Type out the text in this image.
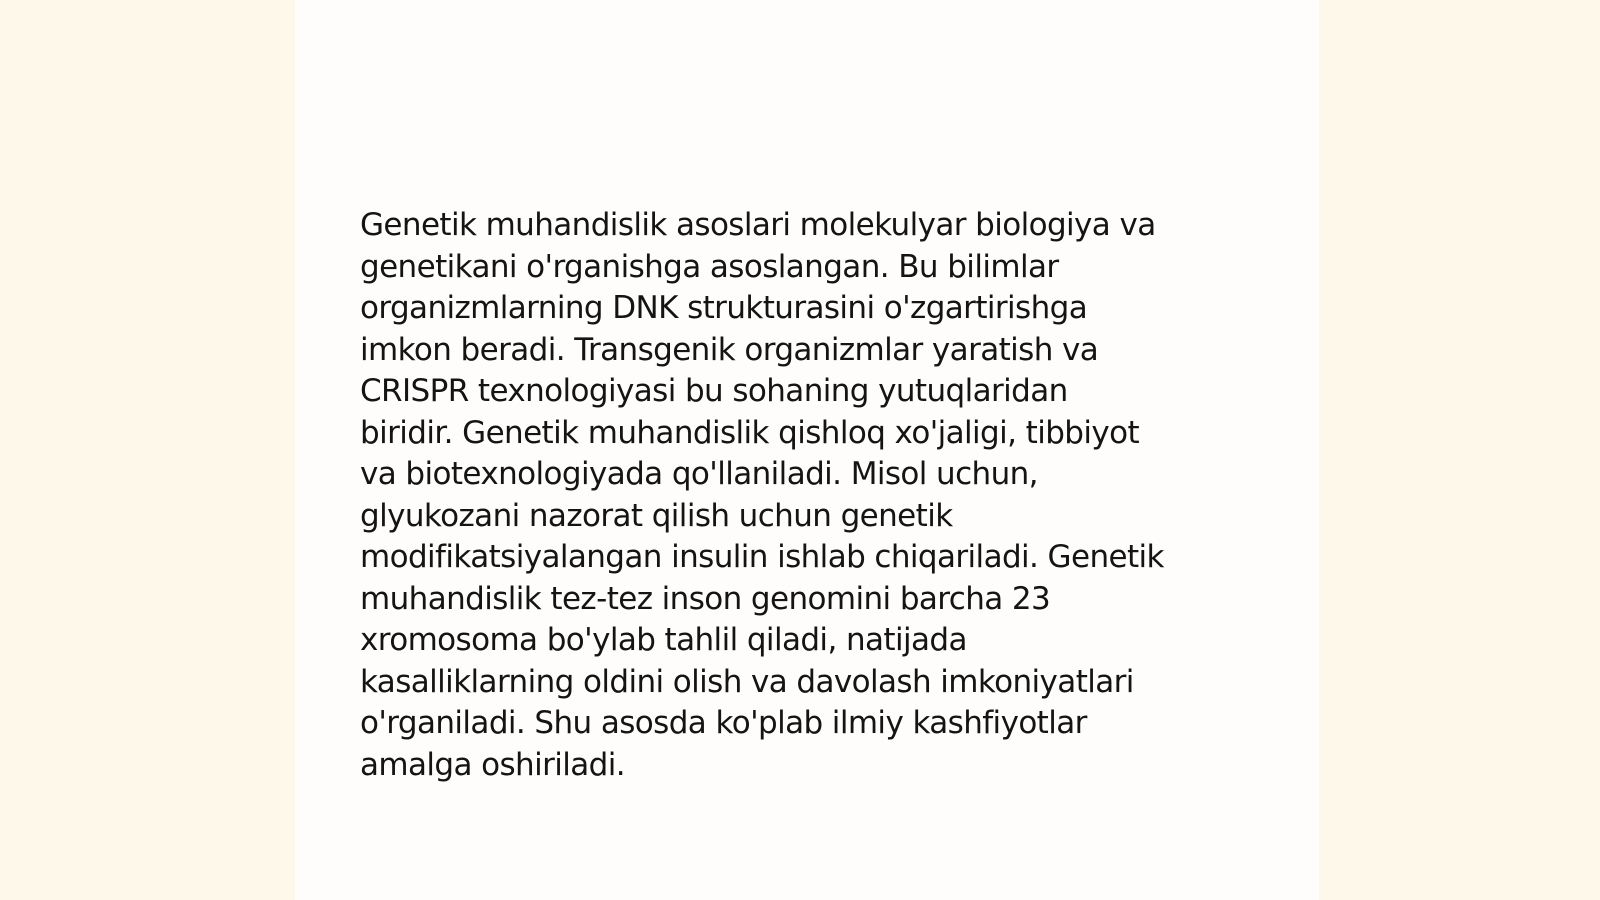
Genetik muhandislik asoslari molekulyar biologiya va
genetikani o'rganishga asoslangan. Bu bilimlar
organizmlarning DNK strukturasini o'zgartirishga
imkon beradi. Transgenik organizmlar yaratish va
CRISPR texnologiyasi bu sohaning yutuqlaridan
biridir. Genetik muhandislik qishloq xo'jaligi, tibbiyot
va biotexnologiyada qo'llaniladi. Misol uchun,
glyukozani nazorat qilish uchun genetik
modifikatsiyalangan insulin ishlab chiqariladi. Genetik
muhandislik tez-tez inson genomini barcha 23
xromosoma bo'ylab tahlil qiladi, natijada
kasalliklarning oldini olish va davolash imkoniyatlari
o'rganiladi. Shu asosda ko'plab ilmiy kashfiyotlar
amalga oshiriladi.
